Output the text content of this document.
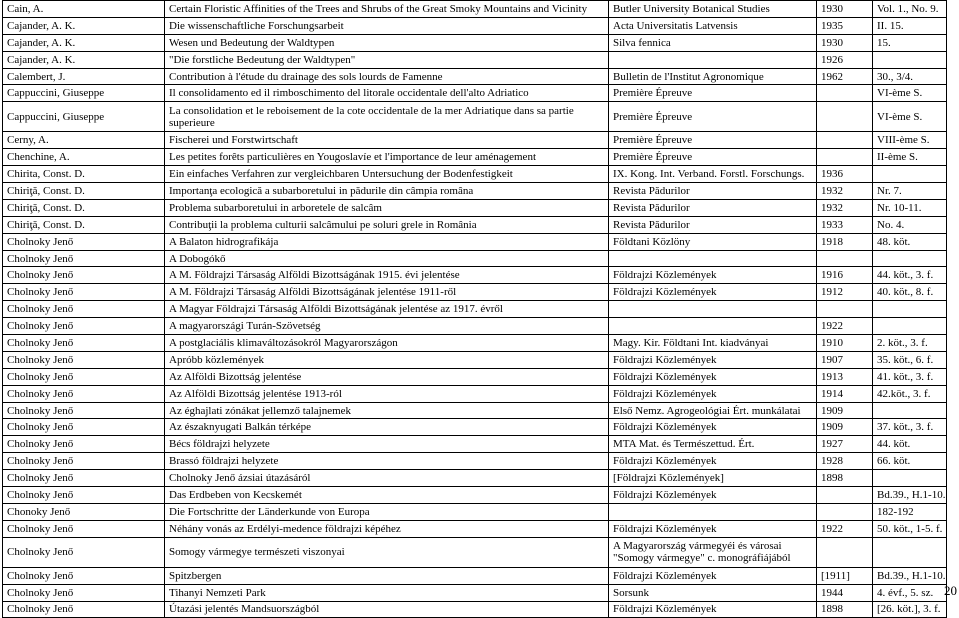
Cain, A.	Certain Floristic Affinities of the Trees and Shrubs of the Great Smoky Mountains and Vicinity	Butler University Botanical Studies	1930	Vol. 1., No. 9.
Cajander, A. K.	Die wissenschaftliche Forschungsarbeit	Acta Universitatis Latvensis	1935	II. 15.
Cajander, A. K.	Wesen und Bedeutung der Waldtypen	Silva fennica	1930	15.
Cajander, A. K.	"Die forstliche Bedeutung der Waldtypen"		1926	
Calembert, J.	Contribution à l'étude du drainage des sols lourds de Famenne	Bulletin de l'Institut Agronomique	1962	30., 3/4.
Cappuccini, Giuseppe	Il consolidamento ed il rimboschimento del litorale occidentale dell'alto Adriatico	Première Épreuve		VI-ème S.
Cappuccini, Giuseppe	La consolidation et le reboisement de la cote occidentale de la mer Adriatique dans sa partie superieure	Première Épreuve		VI-ème S.
Cerny, A.	Fischerei und Forstwirtschaft	Première Épreuve		VIII-ème S.
Chenchine, A.	Les petites forêts particulières en Yougoslavíe et l'importance de leur aménagement	Première Épreuve		II-ème S.
Chirita, Const. D.	Ein einfaches Verfahren zur vergleichbaren Untersuchung der Bodenfestigkeit	IX. Kong. Int. Verband. Forstl. Forschungs.	1936	
Chiriţă, Const. D.	Importanţa ecologică a subarboretului in pădurile din câmpia româna	Revista Pădurilor	1932	Nr. 7.
Chiriţă, Const. D.	Problema subarboretului in arboretele de salcâm	Revista Pădurilor	1932	Nr. 10-11.
Chiriţă, Const. D.	Contribuţii la problema culturii salcâmului pe soluri grele in România	Revista Pădurilor	1933	No. 4.
Cholnoky Jenő	A Balaton hidrografikája	Földtani Közlöny	1918	48. köt.
Cholnoky Jenő	A Dobogókő			
Cholnoky Jenő	A M. Földrajzi Társaság Alföldi Bizottságának 1915. évi jelentése	Földrajzi Közlemények	1916	44. köt., 3. f.
Cholnoky Jenő	A M. Földrajzi Társaság Alföldi Bizottságának jelentése 1911-ről	Földrajzi Közlemények	1912	40. köt., 8. f.
Cholnoky Jenő	A Magyar Földrajzi Társaság Alföldi Bizottságának jelentése az 1917. évről			
Cholnoky Jenő	A magyarországi Turán-Szövetség		1922	
Cholnoky Jenő	A postglaciális klimaváltozásokról Magyarországon	Magy. Kir. Földtani Int. kiadványai	1910	2. köt., 3. f.
Cholnoky Jenő	Apróbb közlemények	Földrajzi Közlemények	1907	35. köt., 6. f.
Cholnoky Jenő	Az Alföldi Bizottság jelentése	Földrajzi Közlemények	1913	41. köt., 3. f.
Cholnoky Jenő	Az Alföldi Bizottság jelentése 1913-ról	Földrajzi Közlemények	1914	42.köt., 3. f.
Cholnoky Jenő	Az éghajlati zónákat jellemző talajnemek	Első Nemz. Agrogeológiai Ért. munkálatai	1909	
Cholnoky Jenő	Az északnyugati Balkán térképe	Földrajzi Közlemények	1909	37. köt., 3. f.
Cholnoky Jenő	Bécs földrajzi helyzete	MTA Mat. és Természettud. Ért.	1927	44. köt.
Cholnoky Jenő	Brassó földrajzi helyzete	Földrajzi Közlemények	1928	66. köt.
Cholnoky Jenő	Cholnoky Jenő ázsiai útazásáról	[Földrajzi Közlemények]	1898	
Cholnoky Jenő	Das Erdbeben von Kecskemét	Földrajzi Közlemények		Bd.39., H.1-10.
Chonoky Jenő	Die Fortschritte der Länderkunde von Europa			182-192
Cholnoky Jenő	Néhány vonás az Erdélyi-medence földrajzi képéhez	Földrajzi Közlemények	1922	50. köt., 1-5. f.
Cholnoky Jenő	Somogy vármegye természeti viszonyai	A Magyarország vármegyéi és városai "Somogy vármegye" c. monográfiájából		
Cholnoky Jenő	Spitzbergen	Földrajzi Közlemények	[1911]	Bd.39., H.1-10.
Cholnoky Jenő	Tihanyi Nemzeti Park	Sorsunk	1944	4. évf., 5. sz.
Cholnoky Jenő	Útazási jelentés Mandsuországból	Földrajzi Közlemények	1898	[26. köt.], 3. f.
20
